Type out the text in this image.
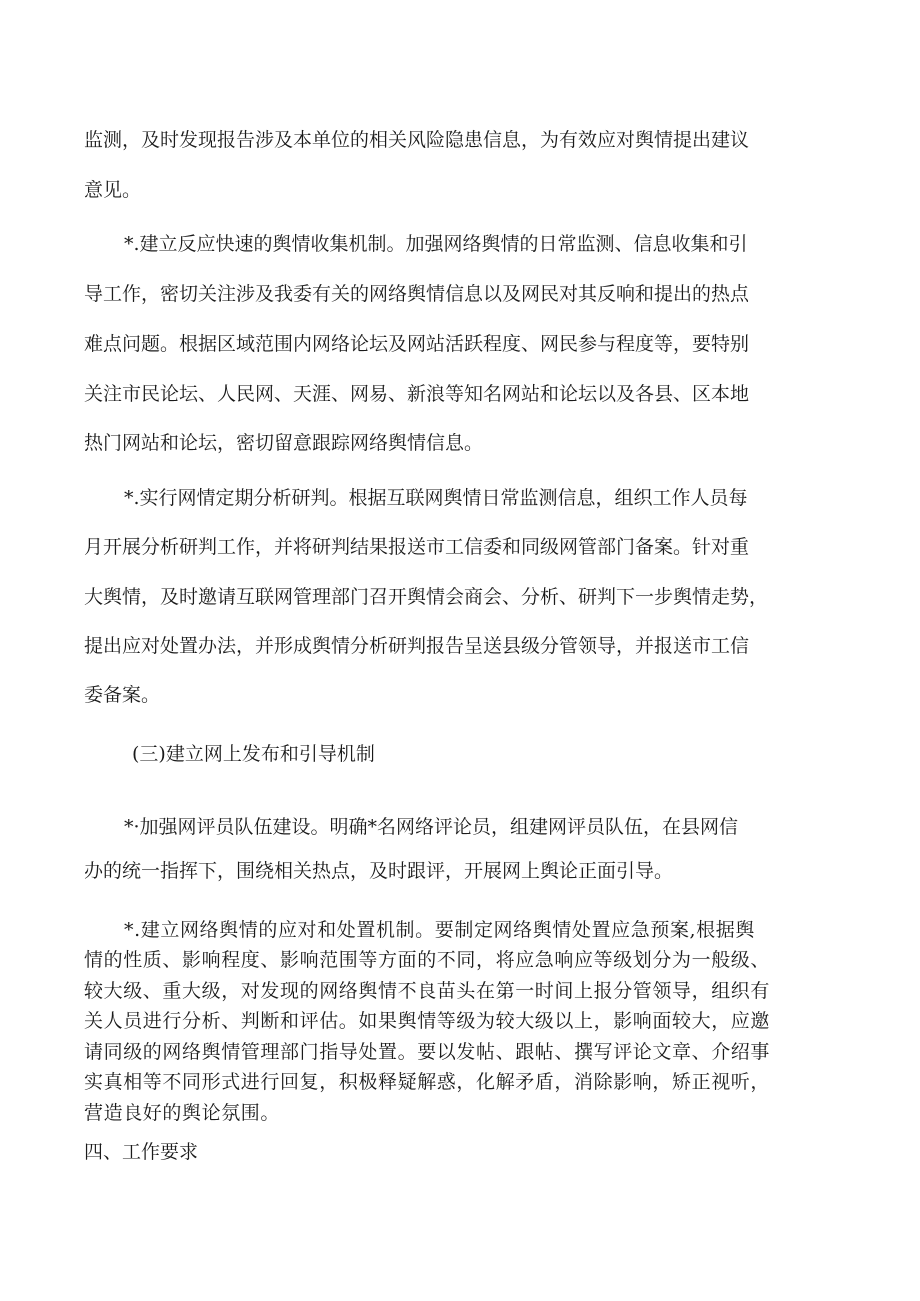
监测，及时发现报告涉及本单位的相关风险隐患信息，为有效应对舆情提出建议
意见。
*.建立反应快速的舆情收集机制。加强网络舆情的日常监测、信息收集和引
导工作，密切关注涉及我委有关的网络舆情信息以及网民对其反响和提出的热点
难点问题。根据区域范围内网络论坛及网站活跃程度、网民参与程度等，要特别
关注市民论坛、人民网、天涯、网易、新浪等知名网站和论坛以及各县、区本地
热门网站和论坛，密切留意跟踪网络舆情信息。
*.实行网情定期分析研判。根据互联网舆情日常监测信息，组织工作人员每
月开展分析研判工作，并将研判结果报送市工信委和同级网管部门备案。针对重
大舆情，及时邀请互联网管理部门召开舆情会商会、分析、研判下一步舆情走势，
提出应对处置办法，并形成舆情分析研判报告呈送县级分管领导，并报送市工信
委备案。
(三)建立网上发布和引导机制
*·加强网评员队伍建设。明确*名网络评论员，组建网评员队伍，在县网信
办的统一指挥下，围绕相关热点，及时跟评，开展网上舆论正面引导。
*.建立网络舆情的应对和处置机制。要制定网络舆情处置应急预案,根据舆
情的性质、影响程度、影响范围等方面的不同，将应急响应等级划分为一般级、
较大级、重大级，对发现的网络舆情不良苗头在第一时间上报分管领导，组织有
关人员进行分析、判断和评估。如果舆情等级为较大级以上，影响面较大，应邀
请同级的网络舆情管理部门指导处置。要以发帖、跟帖、撰写评论文章、介绍事
实真相等不同形式进行回复，积极释疑解惑，化解矛盾，消除影响，矫正视听，
营造良好的舆论氛围。
四、工作要求
